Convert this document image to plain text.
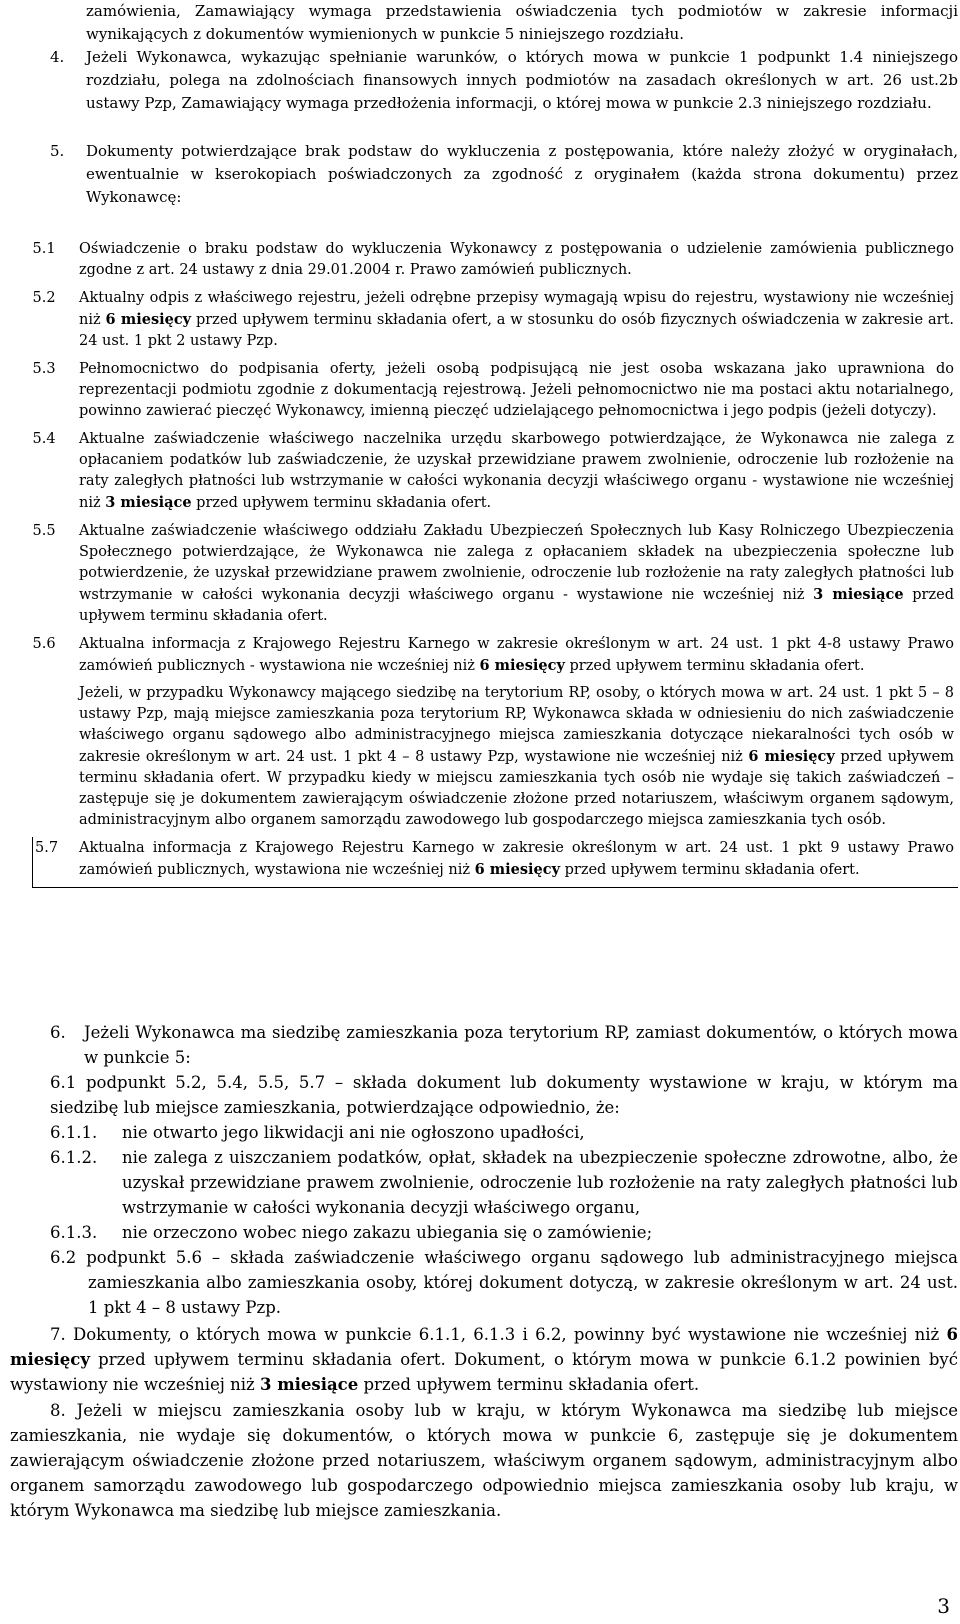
zamówienia, Zamawiający wymaga przedstawienia oświadczenia tych podmiotów w zakresie informacji wynikających z dokumentów wymienionych w punkcie 5 niniejszego rozdziału.

4.	Jeżeli Wykonawca, wykazując spełnianie warunków, o których mowa w punkcie 1 podpunkt 1.4 niniejszego rozdziału, polega na zdolnościach finansowych innych podmiotów na zasadach określonych w art. 26 ust.2b ustawy Pzp, Zamawiający wymaga przedłożenia informacji, o której mowa w punkcie 2.3 niniejszego rozdziału.
5.	Dokumenty potwierdzające brak podstaw do wykluczenia z postępowania, które należy złożyć w oryginałach, ewentualnie w kserokopiach poświadczonych za zgodność z oryginałem (każda strona dokumentu) przez Wykonawcę:
5.1	Oświadczenie o braku podstaw do wykluczenia Wykonawcy z postępowania o udzielenie zamówienia publicznego zgodne z art. 24 ustawy z dnia 29.01.2004 r. Prawo zamówień publicznych.
5.2	Aktualny odpis z właściwego rejestru, jeżeli odrębne przepisy wymagają wpisu do rejestru, wystawiony nie wcześniej niż 6 miesięcy przed upływem terminu składania ofert, a w stosunku do osób fizycznych oświadczenia w zakresie art. 24 ust. 1 pkt 2 ustawy Pzp.
5.3	Pełnomocnictwo do podpisania oferty, jeżeli osobą podpisującą nie jest osoba wskazana jako uprawniona do reprezentacji podmiotu zgodnie z dokumentacją rejestrową. Jeżeli pełnomocnictwo nie ma postaci aktu notarialnego, powinno zawierać pieczęć Wykonawcy, imienną pieczęć udzielającego pełnomocnictwa i jego podpis (jeżeli dotyczy).
5.4	Aktualne zaświadczenie właściwego naczelnika urzędu skarbowego potwierdzające, że Wykonawca nie zalega z opłacaniem podatków lub zaświadczenie, że uzyskał przewidziane prawem zwolnienie, odroczenie lub rozłożenie na raty zaległych płatności lub wstrzymanie w całości wykonania decyzji właściwego organu - wystawione nie wcześniej niż 3 miesiące przed upływem terminu składania ofert.
5.5	Aktualne zaświadczenie właściwego oddziału Zakładu Ubezpieczeń Społecznych lub Kasy Rolniczego Ubezpieczenia Społecznego potwierdzające, że Wykonawca nie zalega z opłacaniem składek na ubezpieczenia społeczne lub potwierdzenie, że uzyskał przewidziane prawem zwolnienie, odroczenie lub rozłożenie na raty zaległych płatności lub wstrzymanie w całości wykonania decyzji właściwego organu - wystawione nie wcześniej niż 3 miesiące przed upływem terminu składania ofert.
5.6	Aktualna informacja z Krajowego Rejestru Karnego w zakresie określonym w art. 24 ust. 1 pkt 4-8 ustawy Prawo zamówień publicznych - wystawiona nie wcześniej niż 6 miesięcy przed upływem terminu składania ofert.
Jeżeli, w przypadku Wykonawcy mającego siedzibę na terytorium RP, osoby, o których mowa w art. 24 ust. 1 pkt 5 – 8 ustawy Pzp, mają miejsce zamieszkania poza terytorium RP, Wykonawca składa w odniesieniu do nich zaświadczenie właściwego organu sądowego albo administracyjnego miejsca zamieszkania dotyczące niekaralności tych osób w zakresie określonym w art. 24 ust. 1 pkt 4 – 8 ustawy Pzp, wystawione nie wcześniej niż 6 miesięcy przed upływem terminu składania ofert. W przypadku kiedy w miejscu zamieszkania tych osób nie wydaje się takich zaświadczeń – zastępuje się je dokumentem zawierającym oświadczenie złożone przed notariuszem, właściwym organem sądowym, administracyjnym albo organem samorządu zawodowego lub gospodarczego miejsca zamieszkania tych osób.

5.7	Aktualna informacja z Krajowego Rejestru Karnego w zakresie określonym w art. 24 ust. 1 pkt 9 ustawy Prawo zamówień publicznych, wystawiona nie wcześniej niż 6 miesięcy przed upływem terminu składania ofert.
6.	Jeżeli Wykonawca ma siedzibę zamieszkania poza terytorium RP, zamiast dokumentów, o których mowa w punkcie 5:
6.1 podpunkt 5.2, 5.4, 5.5, 5.7 – składa dokument lub dokumenty wystawione w kraju, w którym ma siedzibę lub miejsce zamieszkania, potwierdzające odpowiednio, że:
6.1.1.	nie otwarto jego likwidacji ani nie ogłoszono upadłości,
6.1.2.	nie zalega z uiszczaniem podatków, opłat, składek na ubezpieczenie społeczne zdrowotne, albo, że uzyskał przewidziane prawem zwolnienie, odroczenie lub rozłożenie na raty zaległych płatności lub wstrzymanie w całości wykonania decyzji właściwego organu,
6.1.3.	nie orzeczono wobec niego zakazu ubiegania się o zamówienie;
6.2 podpunkt 5.6 – składa zaświadczenie właściwego organu sądowego lub administracyjnego miejsca zamieszkania albo zamieszkania osoby, której dokument dotyczą, w zakresie określonym w art. 24 ust. 1 pkt 4 – 8 ustawy Pzp.

7. Dokumenty, o których mowa w punkcie 6.1.1, 6.1.3 i 6.2, powinny być wystawione nie wcześniej niż 6 miesięcy przed upływem terminu składania ofert. Dokument, o którym mowa w punkcie 6.1.2 powinien być wystawiony nie wcześniej niż 3 miesiące przed upływem terminu składania ofert.

8. Jeżeli w miejscu zamieszkania osoby lub w kraju, w którym Wykonawca ma siedzibę lub miejsce zamieszkania, nie wydaje się dokumentów, o których mowa w punkcie 6, zastępuje się je dokumentem zawierającym oświadczenie złożone przed notariuszem, właściwym organem sądowym, administracyjnym albo organem samorządu zawodowego lub gospodarczego odpowiednio miejsca zamieszkania osoby lub kraju, w którym Wykonawca ma siedzibę lub miejsce zamieszkania.

3
